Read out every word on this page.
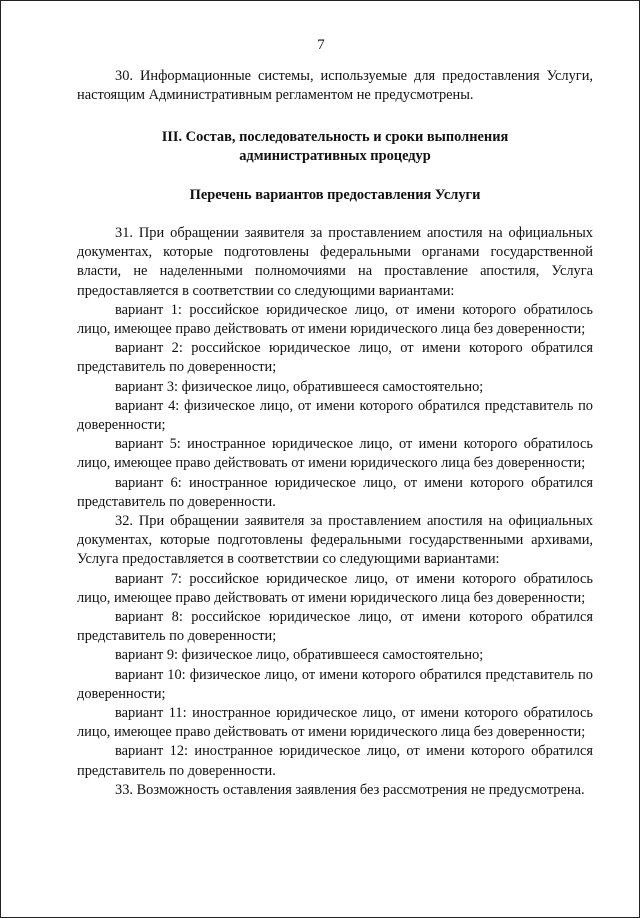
7

30. Информационные системы, используемые для предоставления Услуги, настоящим Административным регламентом не предусмотрены.

III. Состав, последовательность и сроки выполнения
административных процедур
Перечень вариантов предоставления Услуги

31. При обращении заявителя за проставлением апостиля на официальных документах, которые подготовлены федеральными органами государственной власти, не наделенными полномочиями на проставление апостиля, Услуга предоставляется в соответствии со следующими вариантами:

вариант 1: российское юридическое лицо, от имени которого обратилось лицо, имеющее право действовать от имени юридического лица без доверенности;

вариант 2: российское юридическое лицо, от имени которого обратился представитель по доверенности;

вариант 3: физическое лицо, обратившееся самостоятельно;

вариант 4: физическое лицо, от имени которого обратился представитель по доверенности;

вариант 5: иностранное юридическое лицо, от имени которого обратилось лицо, имеющее право действовать от имени юридического лица без доверенности;

вариант 6: иностранное юридическое лицо, от имени которого обратился представитель по доверенности.

32. При обращении заявителя за проставлением апостиля на официальных документах, которые подготовлены федеральными государственными архивами, Услуга предоставляется в соответствии со следующими вариантами:

вариант 7: российское юридическое лицо, от имени которого обратилось лицо, имеющее право действовать от имени юридического лица без доверенности;

вариант 8: российское юридическое лицо, от имени которого обратился представитель по доверенности;

вариант 9: физическое лицо, обратившееся самостоятельно;

вариант 10: физическое лицо, от имени которого обратился представитель по доверенности;

вариант 11: иностранное юридическое лицо, от имени которого обратилось лицо, имеющее право действовать от имени юридического лица без доверенности;

вариант 12: иностранное юридическое лицо, от имени которого обратился представитель по доверенности.

33. Возможность оставления заявления без рассмотрения не предусмотрена.
